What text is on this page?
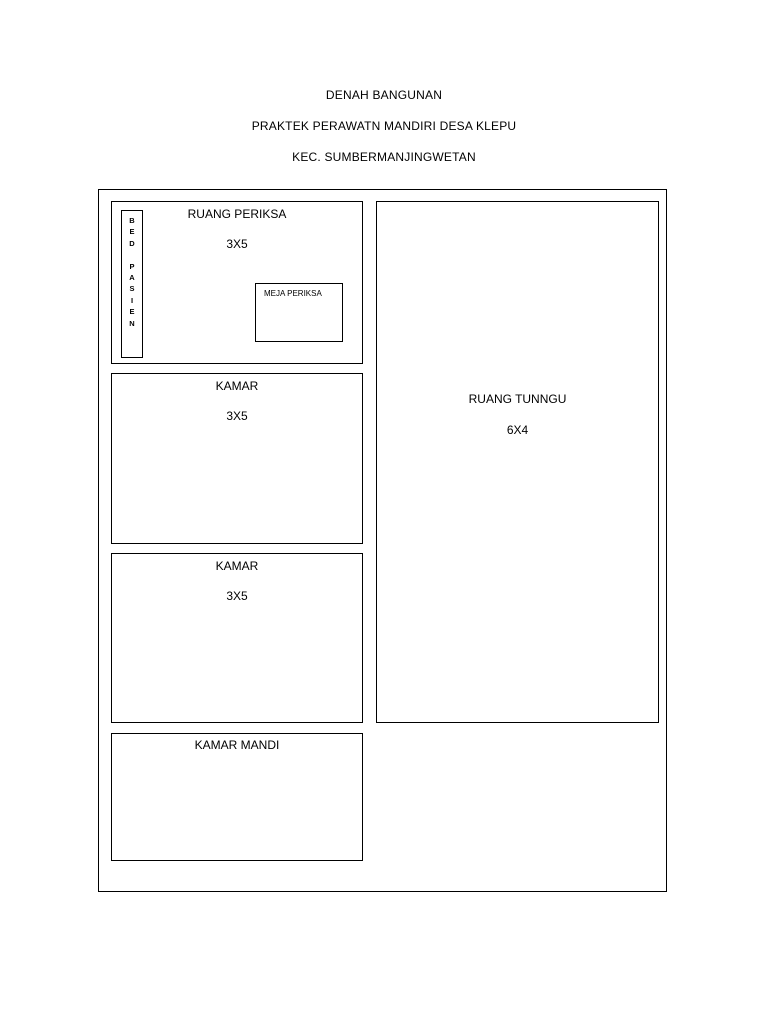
DENAH BANGUNAN
PRAKTEK PERAWATN MANDIRI DESA KLEPU
KEC. SUMBERMANJINGWETAN
RUANG PERIKSA
3X5
B
E
D
P
A
S
I
E
N
MEJA PERIKSA
KAMAR
3X5
KAMAR
3X5
KAMAR MANDI
RUANG TUNNGU
6X4
